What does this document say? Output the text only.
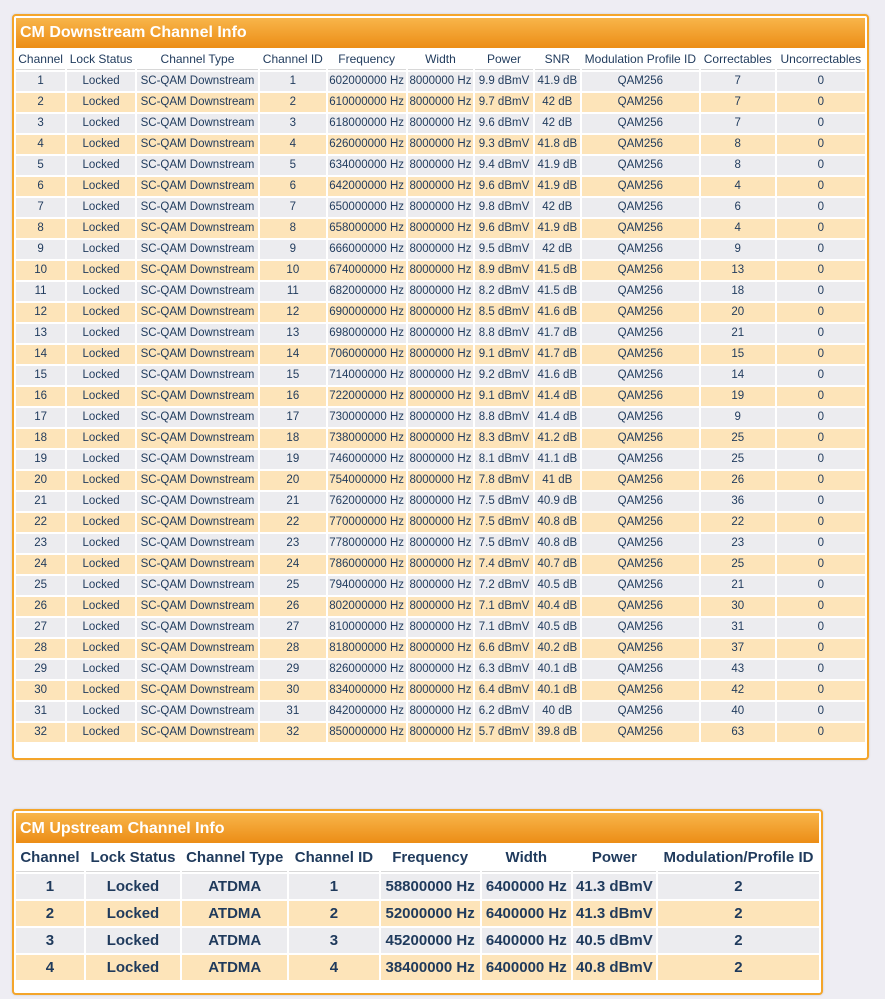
CM Downstream Channel Info
Channel	Lock Status	Channel Type	Channel ID	Frequency	Width	Power	SNR	Modulation Profile ID	Correctables	Uncorrectables
1	Locked	SC-QAM Downstream	1	602000000 Hz	8000000 Hz	9.9 dBmV	41.9 dB	QAM256	7	0
2	Locked	SC-QAM Downstream	2	610000000 Hz	8000000 Hz	9.7 dBmV	42 dB	QAM256	7	0
3	Locked	SC-QAM Downstream	3	618000000 Hz	8000000 Hz	9.6 dBmV	42 dB	QAM256	7	0
4	Locked	SC-QAM Downstream	4	626000000 Hz	8000000 Hz	9.3 dBmV	41.8 dB	QAM256	8	0
5	Locked	SC-QAM Downstream	5	634000000 Hz	8000000 Hz	9.4 dBmV	41.9 dB	QAM256	8	0
6	Locked	SC-QAM Downstream	6	642000000 Hz	8000000 Hz	9.6 dBmV	41.9 dB	QAM256	4	0
7	Locked	SC-QAM Downstream	7	650000000 Hz	8000000 Hz	9.8 dBmV	42 dB	QAM256	6	0
8	Locked	SC-QAM Downstream	8	658000000 Hz	8000000 Hz	9.6 dBmV	41.9 dB	QAM256	4	0
9	Locked	SC-QAM Downstream	9	666000000 Hz	8000000 Hz	9.5 dBmV	42 dB	QAM256	9	0
10	Locked	SC-QAM Downstream	10	674000000 Hz	8000000 Hz	8.9 dBmV	41.5 dB	QAM256	13	0
11	Locked	SC-QAM Downstream	11	682000000 Hz	8000000 Hz	8.2 dBmV	41.5 dB	QAM256	18	0
12	Locked	SC-QAM Downstream	12	690000000 Hz	8000000 Hz	8.5 dBmV	41.6 dB	QAM256	20	0
13	Locked	SC-QAM Downstream	13	698000000 Hz	8000000 Hz	8.8 dBmV	41.7 dB	QAM256	21	0
14	Locked	SC-QAM Downstream	14	706000000 Hz	8000000 Hz	9.1 dBmV	41.7 dB	QAM256	15	0
15	Locked	SC-QAM Downstream	15	714000000 Hz	8000000 Hz	9.2 dBmV	41.6 dB	QAM256	14	0
16	Locked	SC-QAM Downstream	16	722000000 Hz	8000000 Hz	9.1 dBmV	41.4 dB	QAM256	19	0
17	Locked	SC-QAM Downstream	17	730000000 Hz	8000000 Hz	8.8 dBmV	41.4 dB	QAM256	9	0
18	Locked	SC-QAM Downstream	18	738000000 Hz	8000000 Hz	8.3 dBmV	41.2 dB	QAM256	25	0
19	Locked	SC-QAM Downstream	19	746000000 Hz	8000000 Hz	8.1 dBmV	41.1 dB	QAM256	25	0
20	Locked	SC-QAM Downstream	20	754000000 Hz	8000000 Hz	7.8 dBmV	41 dB	QAM256	26	0
21	Locked	SC-QAM Downstream	21	762000000 Hz	8000000 Hz	7.5 dBmV	40.9 dB	QAM256	36	0
22	Locked	SC-QAM Downstream	22	770000000 Hz	8000000 Hz	7.5 dBmV	40.8 dB	QAM256	22	0
23	Locked	SC-QAM Downstream	23	778000000 Hz	8000000 Hz	7.5 dBmV	40.8 dB	QAM256	23	0
24	Locked	SC-QAM Downstream	24	786000000 Hz	8000000 Hz	7.4 dBmV	40.7 dB	QAM256	25	0
25	Locked	SC-QAM Downstream	25	794000000 Hz	8000000 Hz	7.2 dBmV	40.5 dB	QAM256	21	0
26	Locked	SC-QAM Downstream	26	802000000 Hz	8000000 Hz	7.1 dBmV	40.4 dB	QAM256	30	0
27	Locked	SC-QAM Downstream	27	810000000 Hz	8000000 Hz	7.1 dBmV	40.5 dB	QAM256	31	0
28	Locked	SC-QAM Downstream	28	818000000 Hz	8000000 Hz	6.6 dBmV	40.2 dB	QAM256	37	0
29	Locked	SC-QAM Downstream	29	826000000 Hz	8000000 Hz	6.3 dBmV	40.1 dB	QAM256	43	0
30	Locked	SC-QAM Downstream	30	834000000 Hz	8000000 Hz	6.4 dBmV	40.1 dB	QAM256	42	0
31	Locked	SC-QAM Downstream	31	842000000 Hz	8000000 Hz	6.2 dBmV	40 dB	QAM256	40	0
32	Locked	SC-QAM Downstream	32	850000000 Hz	8000000 Hz	5.7 dBmV	39.8 dB	QAM256	63	0
CM Upstream Channel Info
Channel	Lock Status	Channel Type	Channel ID	Frequency	Width	Power	Modulation/Profile ID
1	Locked	ATDMA	1	58800000 Hz	6400000 Hz	41.3 dBmV	2
2	Locked	ATDMA	2	52000000 Hz	6400000 Hz	41.3 dBmV	2
3	Locked	ATDMA	3	45200000 Hz	6400000 Hz	40.5 dBmV	2
4	Locked	ATDMA	4	38400000 Hz	6400000 Hz	40.8 dBmV	2
